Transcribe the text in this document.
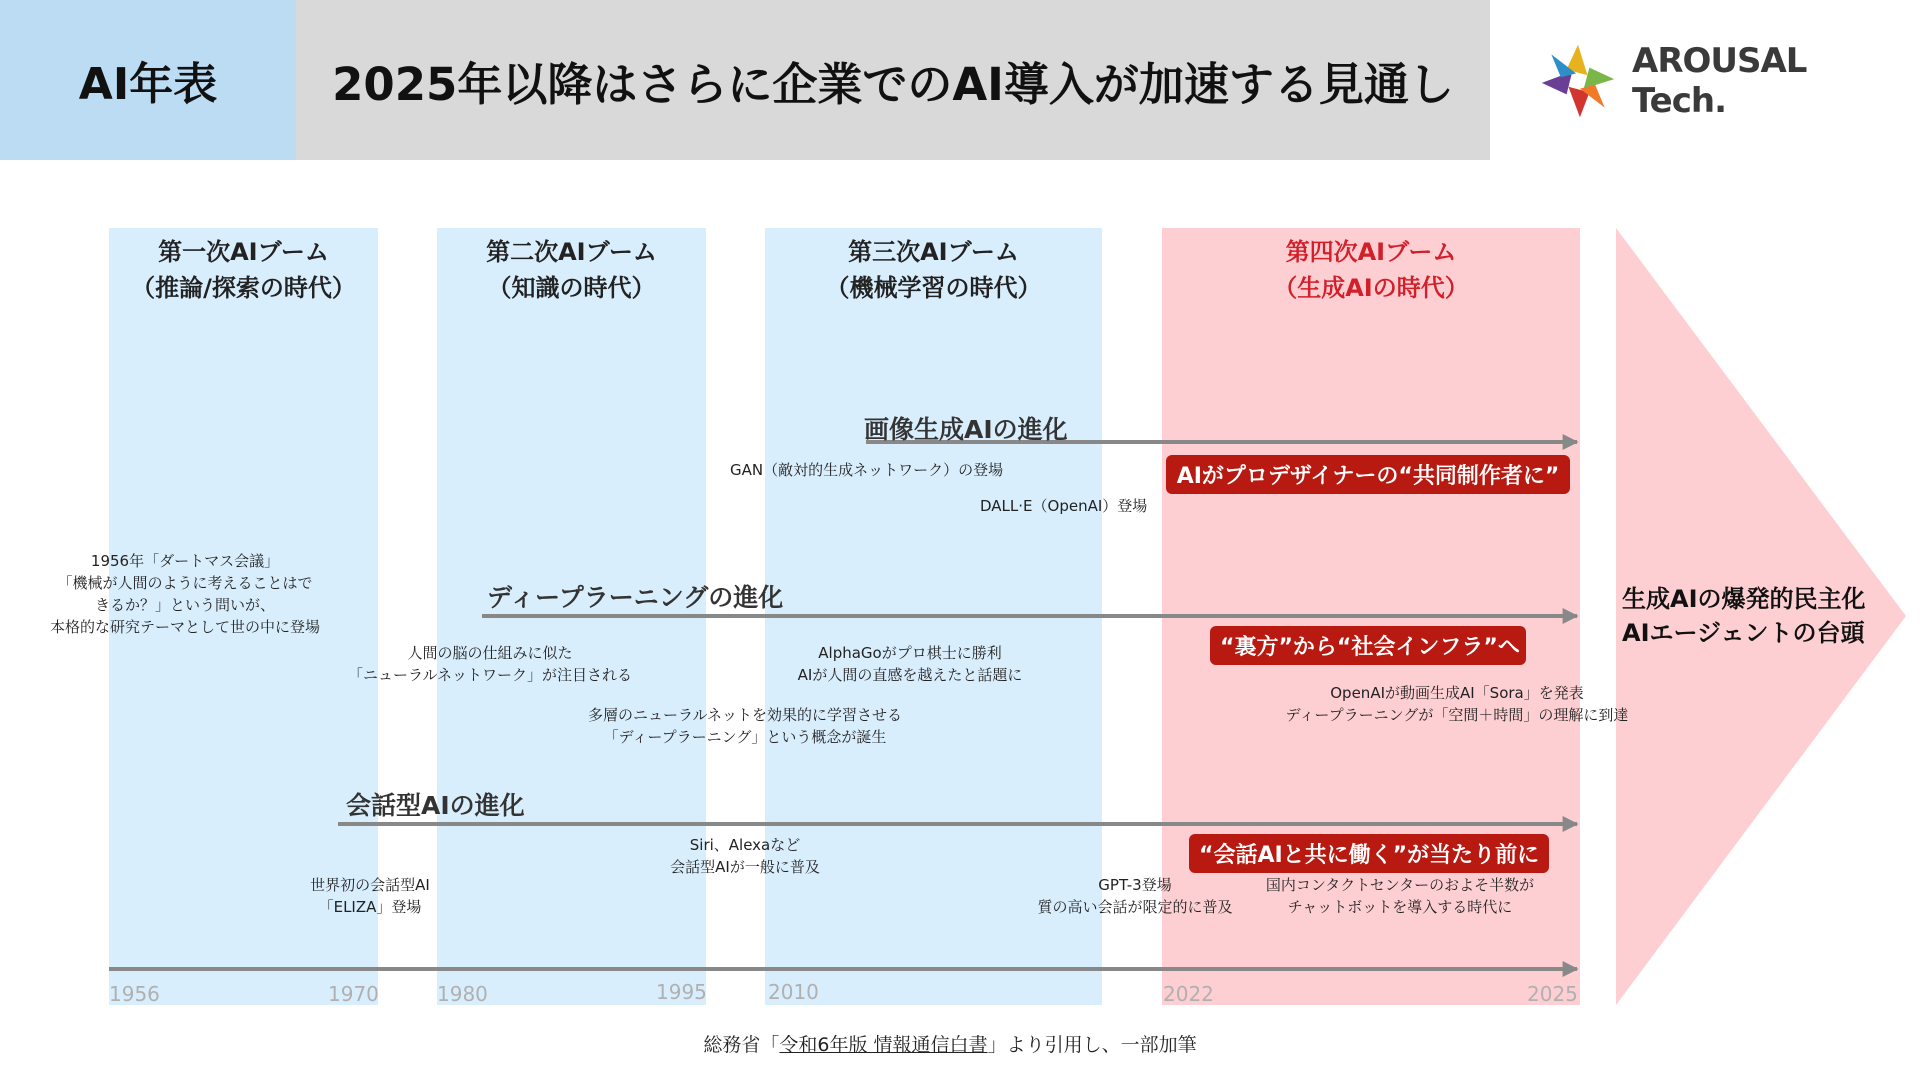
AI年表	2025年以降はさらに企業でのAI導入が加速する見通し	AROUSAL Tech.
第一次AIブーム
（推論/探索の時代）
第二次AIブーム
（知識の時代）
第三次AIブーム
（機械学習の時代）
第四次AIブーム
（生成AIの時代）
画像生成AIの進化
ディープラーニングの進化
会話型AIの進化
AIがプロデザイナーの“共同制作者に”
“裏方”から“社会インフラ”へ
“会話AIと共に働く”が当たり前に
GAN（敵対的生成ネットワーク）の登場
DALL·E（OpenAI）登場
1956年「ダートマス会議」
「機械が人間のように考えることはで
きるか？」という問いが、
本格的な研究テーマとして世の中に登場
人間の脳の仕組みに似た
「ニューラルネットワーク」が注目される
AlphaGoがプロ棋士に勝利
AIが人間の直感を越えたと話題に
多層のニューラルネットを効果的に学習させる
「ディープラーニング」という概念が誕生
OpenAIが動画生成AI「Sora」を発表
ディープラーニングが「空間＋時間」の理解に到達
Siri、Alexaなど
会話型AIが一般に普及
世界初の会話型AI
「ELIZA」登場
GPT-3登場
質の高い会話が限定的に普及
国内コンタクトセンターのおよそ半数が
チャットボットを導入する時代に
生成AIの爆発的民主化
AIエージェントの台頭
1956	1970	1980	1995	2010	2022	2025
総務省「令和6年版 情報通信白書」より引用し、一部加筆
